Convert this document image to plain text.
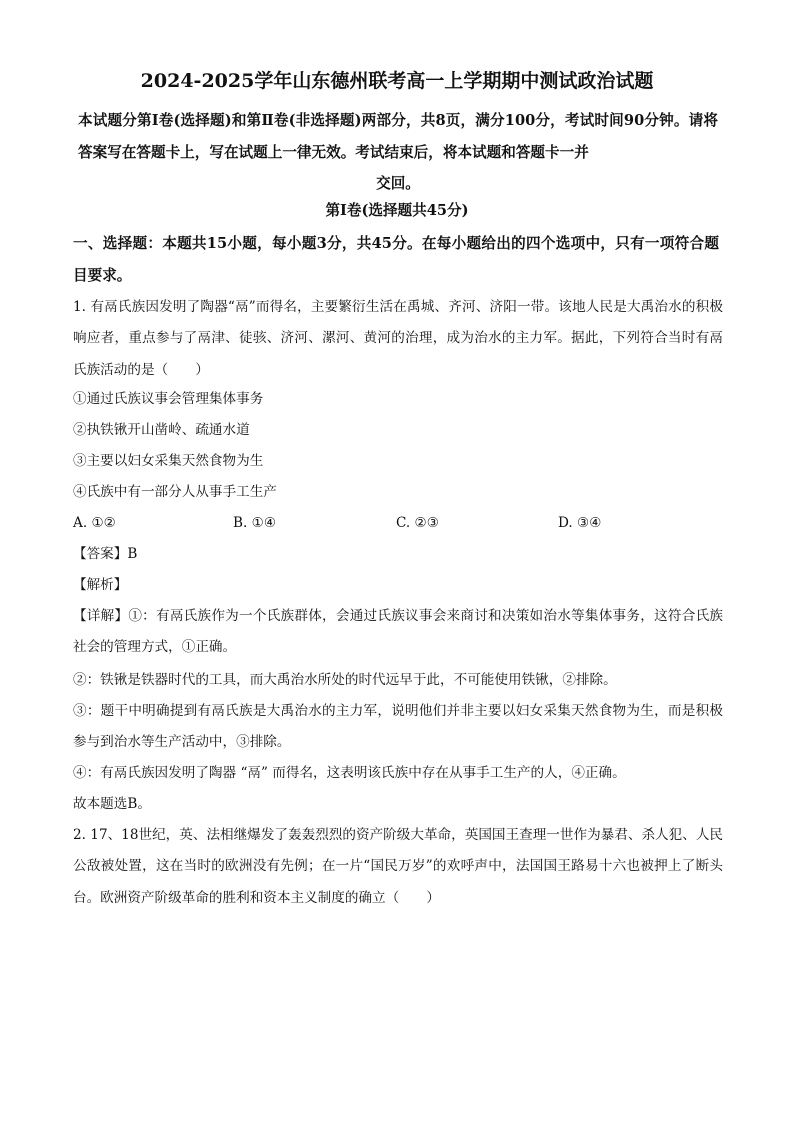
2024-2025学年山东德州联考高一上学期期中测试政治试题
本试题分第Ⅰ卷(选择题)和第Ⅱ卷(非选择题)两部分，共8页，满分100分，考试时间90分钟。请将答案写在答题卡上，写在试题上一律无效。考试结束后，将本试题和答题卡一并
交回。
第Ⅰ卷(选择题共45分)
一、选择题：本题共15小题，每小题3分，共45分。在每小题给出的四个选项中，只有一项符合题目要求。
1. 有鬲氏族因发明了陶器“鬲”而得名，主要繁衍生活在禹城、齐河、济阳一带。该地人民是大禹治水的积极响应者，重点参与了鬲津、徒骇、济河、漯河、黄河的治理，成为治水的主力军。据此，下列符合当时有鬲氏族活动的是（　　）
①通过氏族议事会管理集体事务
②执铁锹开山凿岭、疏通水道
③主要以妇女采集天然食物为生
④氏族中有一部分人从事手工生产
A. ①②	B. ①④	C. ②③	D. ③④
【答案】B
【解析】
【详解】①：有鬲氏族作为一个氏族群体，会通过氏族议事会来商讨和决策如治水等集体事务，这符合氏族社会的管理方式，①正确。
②：铁锹是铁器时代的工具，而大禹治水所处的时代远早于此，不可能使用铁锹，②排除。
③：题干中明确提到有鬲氏族是大禹治水的主力军，说明他们并非主要以妇女采集天然食物为生，而是积极参与到治水等生产活动中，③排除。
④：有鬲氏族因发明了陶器 “鬲” 而得名，这表明该氏族中存在从事手工生产的人，④正确。
故本题选B。
2. 17、18世纪，英、法相继爆发了轰轰烈烈的资产阶级大革命，英国国王查理一世作为暴君、杀人犯、人民公敌被处置，这在当时的欧洲没有先例；在一片“国民万岁”的欢呼声中，法国国王路易十六也被押上了断头台。欧洲资产阶级革命的胜利和资本主义制度的确立（　　）
